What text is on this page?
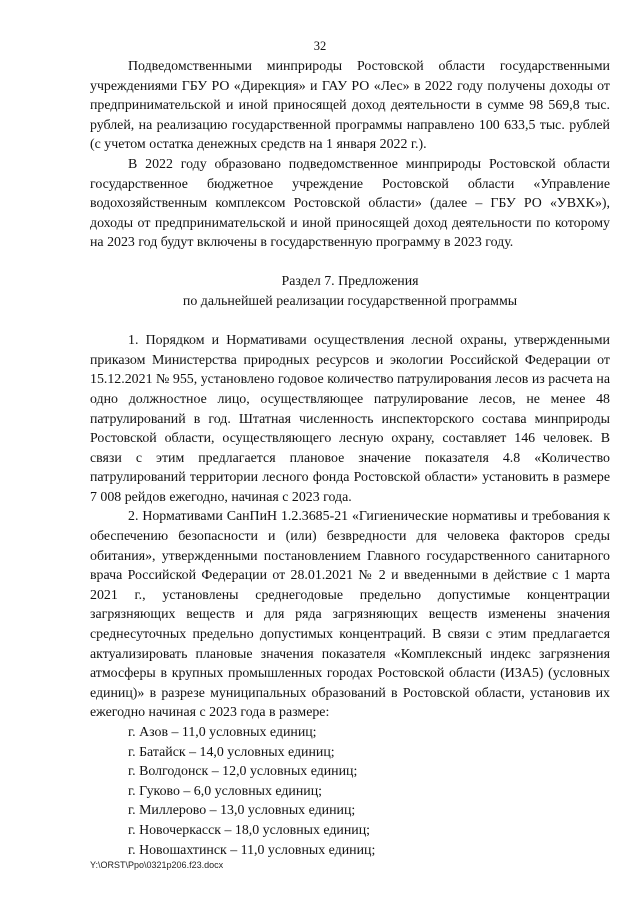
32

Подведомственными минприроды Ростовской области государственными учреждениями ГБУ РО «Дирекция» и ГАУ РО «Лес» в 2022 году получены доходы от предпринимательской и иной приносящей доход деятельности в сумме 98 569,8 тыс. рублей, на реализацию государственной программы направлено 100 633,5 тыс. рублей (с учетом остатка денежных средств на 1 января 2022 г.).

В 2022 году образовано подведомственное минприроды Ростовской области государственное бюджетное учреждение Ростовской области «Управление водохозяйственным комплексом Ростовской области» (далее – ГБУ РО «УВХК»), доходы от предпринимательской и иной приносящей доход деятельности по которому на 2023 год будут включены в государственную программу в 2023 году.

Раздел 7. Предложения

по дальнейшей реализации государственной программы

1. Порядком и Нормативами осуществления лесной охраны, утвержденными приказом Министерства природных ресурсов и экологии Российской Федерации от 15.12.2021 № 955, установлено годовое количество патрулирования лесов из расчета на одно должностное лицо, осуществляющее патрулирование лесов, не менее 48 патрулирований в год. Штатная численность инспекторского состава минприроды Ростовской области, осуществляющего лесную охрану, составляет 146 человек. В связи с этим предлагается плановое значение показателя 4.8 «Количество патрулирований территории лесного фонда Ростовской области» установить в размере 7 008 рейдов ежегодно, начиная с 2023 года.

2. Нормативами СанПиН 1.2.3685-21 «Гигиенические нормативы и требования к обеспечению безопасности и (или) безвредности для человека факторов среды обитания», утвержденными постановлением Главного государственного санитарного врача Российской Федерации от 28.01.2021 № 2 и введенными в действие с 1 марта 2021 г., установлены среднегодовые предельно допустимые концентрации загрязняющих веществ и для ряда загрязняющих веществ изменены значения среднесуточных предельно допустимых концентраций. В связи с этим предлагается актуализировать плановые значения показателя «Комплексный индекс загрязнения атмосферы в крупных промышленных городах Ростовской области (ИЗА5) (условных единиц)» в разрезе муниципальных образований в Ростовской области, установив их ежегодно начиная с 2023 года в размере:

г. Азов – 11,0 условных единиц;
г. Батайск – 14,0 условных единиц;
г. Волгодонск – 12,0 условных единиц;
г. Гуково – 6,0 условных единиц;
г. Миллерово – 13,0 условных единиц;
г. Новочеркасск – 18,0 условных единиц;
г. Новошахтинск – 11,0 условных единиц;
Y:\ORST\Ppo\0321p206.f23.docx
